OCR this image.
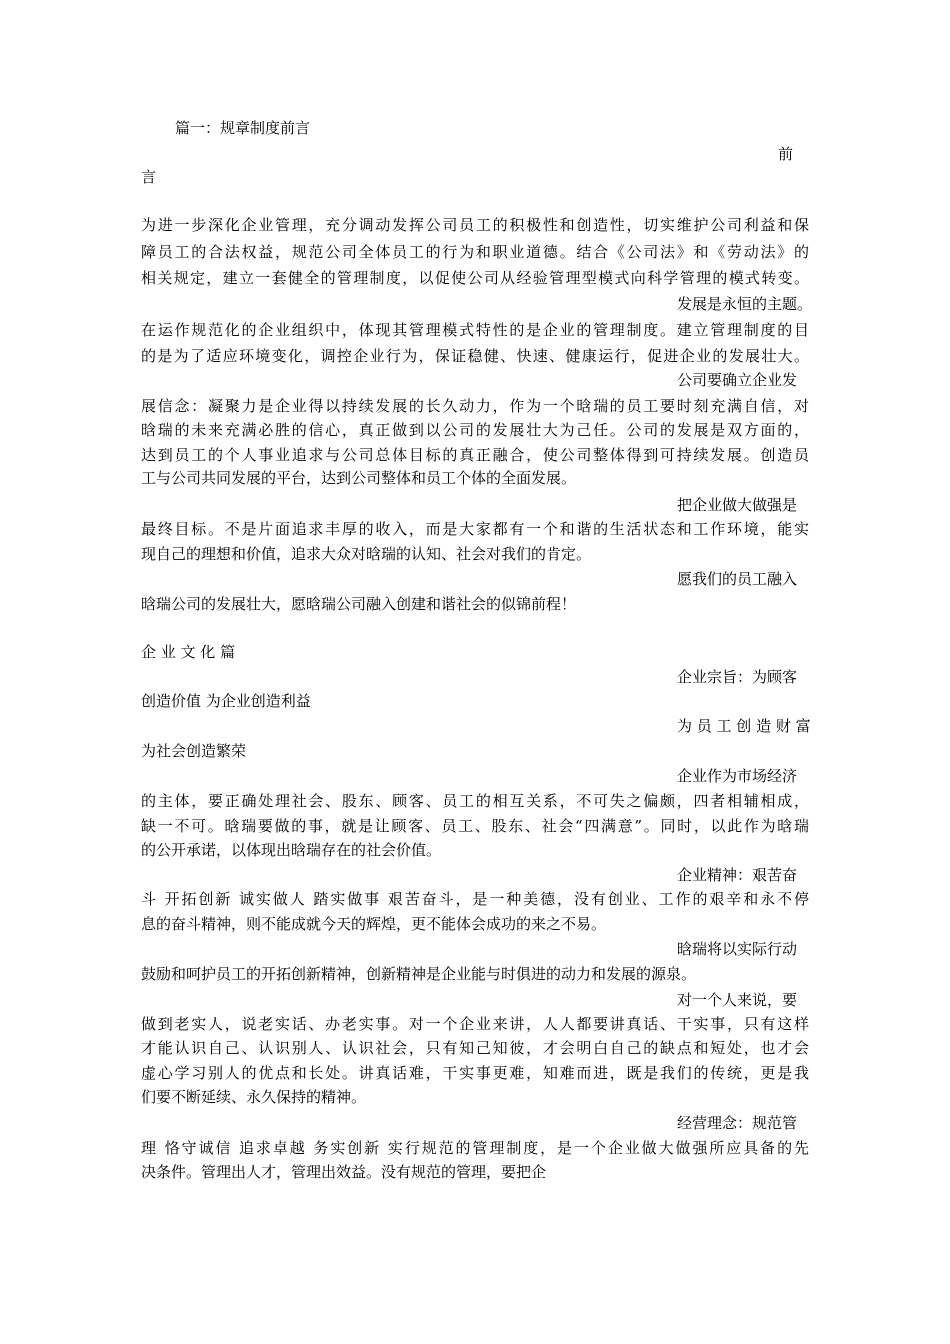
篇一：规章制度前言
前
言
为进一步深化企业管理，充分调动发挥公司员工的积极性和创造性，切实维护公司利益和保
障员工的合法权益，规范公司全体员工的行为和职业道德。结合《公司法》和《劳动法》的
相关规定，建立一套健全的管理制度，以促使公司从经验管理型模式向科学管理的模式转变。
发展是永恒的主题。
在运作规范化的企业组织中，体现其管理模式特性的是企业的管理制度。建立管理制度的目
的是为了适应环境变化，调控企业行为，保证稳健、快速、健康运行，促进企业的发展壮大。
公司要确立企业发
展信念：凝聚力是企业得以持续发展的长久动力，作为一个晗瑞的员工要时刻充满自信，对
晗瑞的未来充满必胜的信心，真正做到以公司的发展壮大为己任。公司的发展是双方面的，
达到员工的个人事业追求与公司总体目标的真正融合，使公司整体得到可持续发展。创造员
工与公司共同发展的平台，达到公司整体和员工个体的全面发展。
把企业做大做强是
最终目标。不是片面追求丰厚的收入，而是大家都有一个和谐的生活状态和工作环境，能实
现自己的理想和价值，追求大众对晗瑞的认知、社会对我们的肯定。
愿我们的员工融入
晗瑞公司的发展壮大，愿晗瑞公司融入创建和谐社会的似锦前程！
企 业 文 化 篇
企业宗旨：为顾客
创造价值 为企业创造利益
为 员 工 创 造 财 富
为社会创造繁荣
企业作为市场经济
的主体，要正确处理社会、股东、顾客、员工的相互关系，不可失之偏颇，四者相辅相成，
缺一不可。晗瑞要做的事，就是让顾客、员工、股东、社会“四满意”。同时，以此作为晗瑞
的公开承诺，以体现出晗瑞存在的社会价值。
企业精神：艰苦奋
斗 开拓创新 诚实做人 踏实做事 艰苦奋斗，是一种美德，没有创业、工作的艰辛和永不停
息的奋斗精神，则不能成就今天的辉煌，更不能体会成功的来之不易。
晗瑞将以实际行动
鼓励和呵护员工的开拓创新精神，创新精神是企业能与时俱进的动力和发展的源泉。
对一个人来说，要
做到老实人，说老实话、办老实事。对一个企业来讲，人人都要讲真话、干实事，只有这样
才能认识自己、认识别人、认识社会，只有知己知彼，才会明白自己的缺点和短处，也才会
虚心学习别人的优点和长处。讲真话难，干实事更难，知难而进，既是我们的传统，更是我
们要不断延续、永久保持的精神。
经营理念：规范管
理 恪守诚信 追求卓越 务实创新 实行规范的管理制度，是一个企业做大做强所应具备的先
决条件。管理出人才，管理出效益。没有规范的管理，要把企
